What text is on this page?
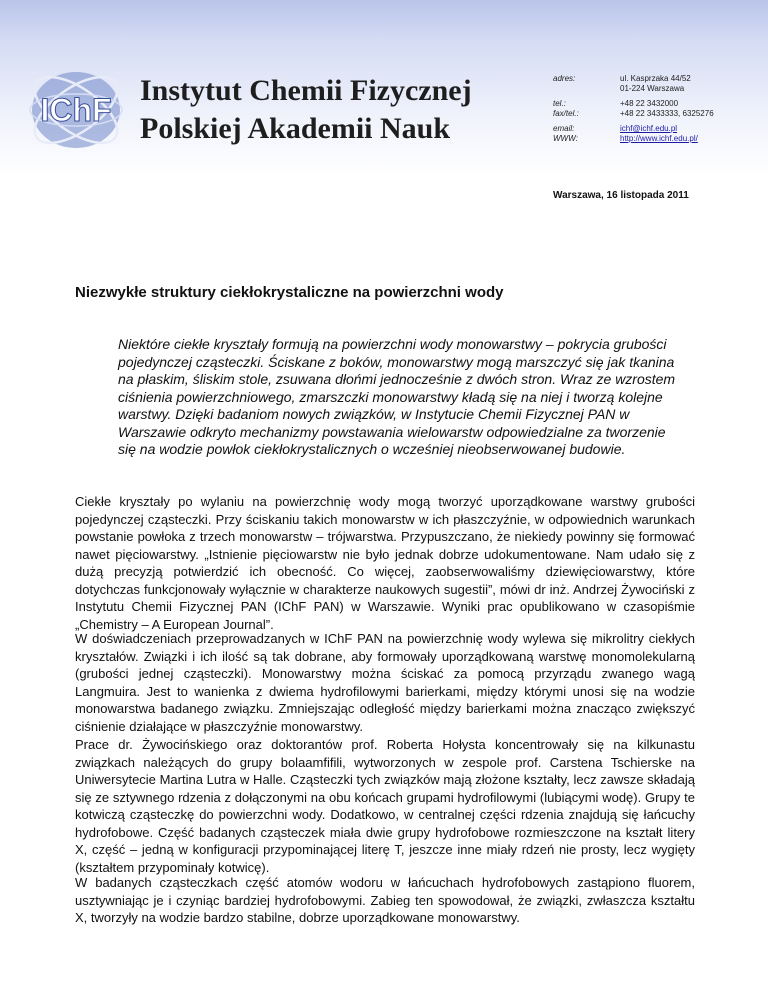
IChF
Instytut Chemii Fizycznej
Polskiej Akademii Nauk
adres:	ul. Kasprzaka 44/52
01-224 Warszawa
tel.:	+48 22 3432000
fax/tel.:	+48 22 3433333, 6325276
email:	ichf@ichf.edu.pl
WWW:	http://www.ichf.edu.pl/
Warszawa, 16 listopada 2011
Niezwykłe struktury ciekłokrystaliczne na powierzchni wody

Niektóre ciekłe kryształy formują na powierzchni wody monowarstwy – pokrycia grubości pojedynczej cząsteczki. Ściskane z boków, monowarstwy mogą marszczyć się jak tkanina na płaskim, śliskim stole, zsuwana dłońmi jednocześnie z dwóch stron. Wraz ze wzrostem ciśnienia powierzchniowego, zmarszczki monowarstwy kładą się na niej i tworzą kolejne warstwy. Dzięki badaniom nowych związków, w Instytucie Chemii Fizycznej PAN w Warszawie odkryto mechanizmy powstawania wielowarstw odpowiedzialne za tworzenie się na wodzie powłok ciekłokrystalicznych o wcześniej nieobserwowanej budowie.

Ciekłe kryształy po wylaniu na powierzchnię wody mogą tworzyć uporządkowane warstwy grubości pojedynczej cząsteczki. Przy ściskaniu takich monowarstw w ich płaszczyźnie, w odpowiednich warunkach powstanie powłoka z trzech monowarstw – trójwarstwa. Przypuszczano, że niekiedy powinny się formować nawet pięciowarstwy. „Istnienie pięciowarstw nie było jednak dobrze udokumentowane. Nam udało się z dużą precyzją potwierdzić ich obecność. Co więcej, zaobserwowaliśmy dziewięciowarstwy, które dotychczas funkcjonowały wyłącznie w charakterze naukowych sugestii”, mówi dr inż. Andrzej Żywociński z Instytutu Chemii Fizycznej PAN (IChF PAN) w Warszawie. Wyniki prac opublikowano w czasopiśmie „Chemistry – A European Journal”.

W doświadczeniach przeprowadzanych w IChF PAN na powierzchnię wody wylewa się mikrolitry ciekłych kryształów. Związki i ich ilość są tak dobrane, aby formowały uporządkowaną warstwę monomolekularną (grubości jednej cząsteczki). Monowarstwy można ściskać za pomocą przyrządu zwanego wagą Langmuira. Jest to wanienka z dwiema hydrofilowymi barierkami, między którymi unosi się na wodzie monowarstwa badanego związku. Zmniejszając odległość między barierkami można znacząco zwiększyć ciśnienie działające w płaszczyźnie monowarstwy.

Prace dr. Żywocińskiego oraz doktorantów prof. Roberta Hołysta koncentrowały się na kilkunastu związkach należących do grupy bolaamfifili, wytworzonych w zespole prof. Carstena Tschierske na Uniwersytecie Martina Lutra w Halle. Cząsteczki tych związków mają złożone kształty, lecz zawsze składają się ze sztywnego rdzenia z dołączonymi na obu końcach grupami hydrofilowymi (lubiącymi wodę). Grupy te kotwiczą cząsteczkę do powierzchni wody. Dodatkowo, w centralnej części rdzenia znajdują się łańcuchy hydrofobowe. Część badanych cząsteczek miała dwie grupy hydrofobowe rozmieszczone na kształt litery X, część – jedną w konfiguracji przypominającej literę T, jeszcze inne miały rdzeń nie prosty, lecz wygięty (kształtem przypominały kotwicę).

W badanych cząsteczkach część atomów wodoru w łańcuchach hydrofobowych zastąpiono fluorem, usztywniając je i czyniąc bardziej hydrofobowymi. Zabieg ten spowodował, że związki, zwłaszcza kształtu X, tworzyły na wodzie bardzo stabilne, dobrze uporządkowane monowarstwy.
